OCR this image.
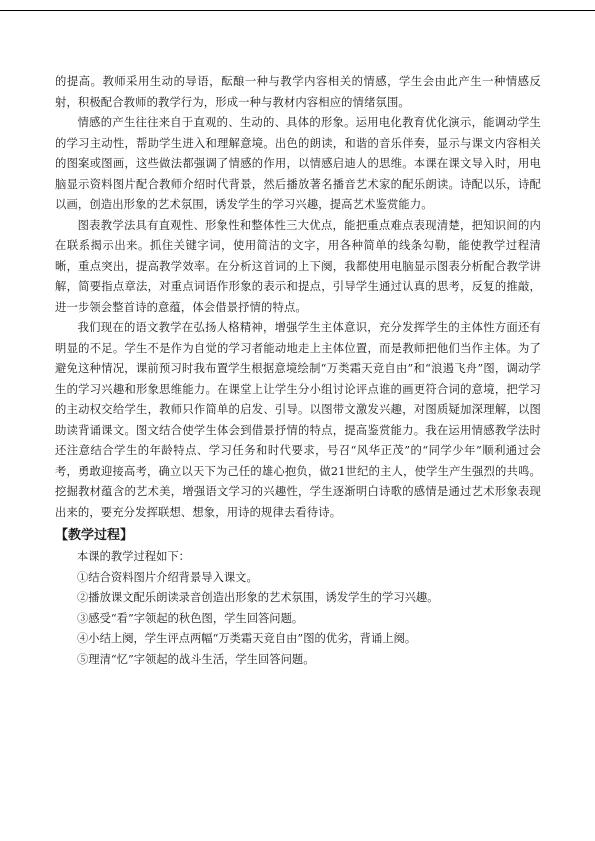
的提高。教师采用生动的导语，酝酿一种与教学内容相关的情感，学生会由此产生一种情感反射，积极配合教师的教学行为，形成一种与教材内容相应的情绪氛围。

情感的产生往往来自于直观的、生动的、具体的形象。运用电化教育优化演示，能调动学生的学习主动性，帮助学生进入和理解意境。出色的朗读，和谐的音乐伴奏，显示与课文内容相关的图案或图画，这些做法都强调了情感的作用，以情感启迪人的思维。本课在课文导入时，用电脑显示资料图片配合教师介绍时代背景，然后播放著名播音艺术家的配乐朗读。诗配以乐，诗配以画，创造出形象的艺术氛围，诱发学生的学习兴趣，提高艺术鉴赏能力。

图表教学法具有直观性、形象性和整体性三大优点，能把重点难点表现清楚，把知识间的内在联系揭示出来。抓住关键字词，使用简洁的文字，用各种简单的线条勾勒，能使教学过程清晰，重点突出，提高教学效率。在分析这首词的上下阕，我都使用电脑显示图表分析配合教学讲解，简要指点章法，对重点词语作形象的表示和提点，引导学生通过认真的思考，反复的推敲，进一步领会整首诗的意蕴，体会借景抒情的特点。

我们现在的语文教学在弘扬人格精神，增强学生主体意识，充分发挥学生的主体性方面还有明显的不足。学生不是作为自觉的学习者能动地走上主体位置，而是教师把他们当作主体。为了避免这种情况，课前预习时我布置学生根据意境绘制“万类霜天竞自由”和“浪遏飞舟”图，调动学生的学习兴趣和形象思维能力。在课堂上让学生分小组讨论评点谁的画更符合词的意境，把学习的主动权交给学生，教师只作简单的启发、引导。以图带文激发兴趣，对图质疑加深理解，以图助读背诵课文。图文结合使学生体会到借景抒情的特点，提高鉴赏能力。我在运用情感教学法时还注意结合学生的年龄特点、学习任务和时代要求，号召“风华正茂”的“同学少年”顺利通过会考，勇敢迎接高考，确立以天下为己任的雄心抱负，做21世纪的主人，使学生产生强烈的共鸣。挖掘教材蕴含的艺术美，增强语文学习的兴趣性，学生逐渐明白诗歌的感情是通过艺术形象表现出来的，要充分发挥联想、想象，用诗的规律去看待诗。

【教学过程】

本课的教学过程如下：

①结合资料图片介绍背景导入课文。
②播放课文配乐朗读录音创造出形象的艺术氛围，诱发学生的学习兴趣。
③感受“看”字领起的秋色图，学生回答问题。
④小结上阕，学生评点两幅“万类霜天竞自由”图的优劣，背诵上阕。
⑤理清“忆”字领起的战斗生活，学生回答问题。
